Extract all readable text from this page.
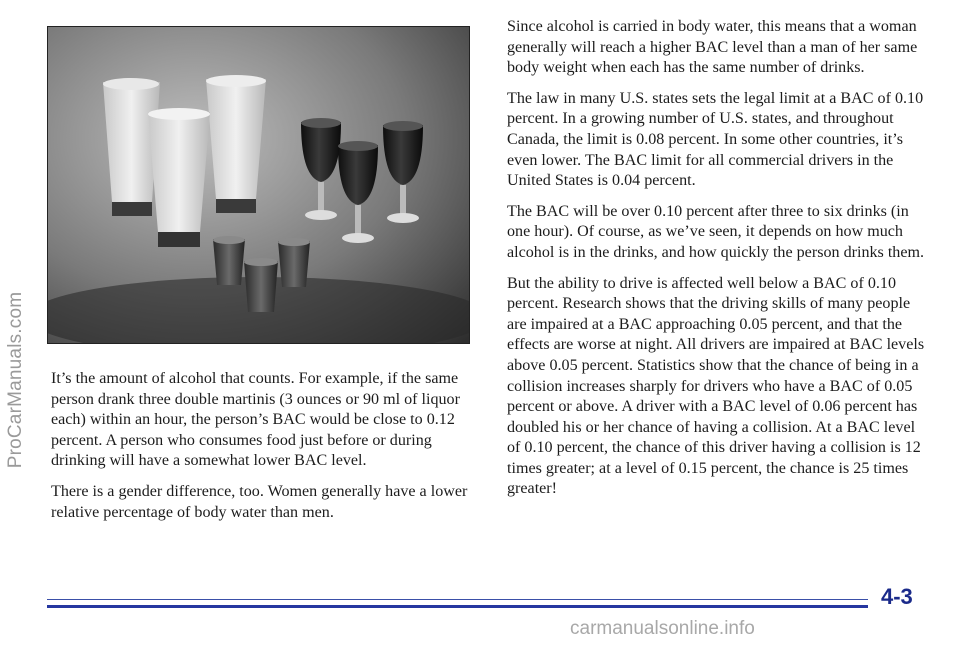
ProCarManuals.com It’s the amount of alcohol that counts. For example, if the same person drank three double martinis (3 ounces or 90 ml of liquor each) within an hour, the person’s BAC would be close to 0.12 percent. A person who consumes food just before or during drinking will have a somewhat lower BAC level.

There is a gender difference, too. Women generally have a lower relative percentage of body water than men.

Since alcohol is carried in body water, this means that a woman generally will reach a higher BAC level than a man of her same body weight when each has the same number of drinks.

The law in many U.S. states sets the legal limit at a BAC of 0.10 percent. In a growing number of U.S. states, and throughout Canada, the limit is 0.08 percent. In some other countries, it’s even lower. The BAC limit for all commercial drivers in the United States is 0.04 percent.

The BAC will be over 0.10 percent after three to six drinks (in one hour). Of course, as we’ve seen, it depends on how much alcohol is in the drinks, and how quickly the person drinks them.

But the ability to drive is affected well below a BAC of 0.10 percent. Research shows that the driving skills of many people are impaired at a BAC approaching 0.05 percent, and that the effects are worse at night. All drivers are impaired at BAC levels above 0.05 percent. Statistics show that the chance of being in a collision increases sharply for drivers who have a BAC of 0.05 percent or above. A driver with a BAC level of 0.06 percent has doubled his or her chance of having a collision. At a BAC level of 0.10 percent, the chance of this driver having a collision is 12 times greater; at a level of 0.15 percent, the chance is 25 times greater!

4-3
carmanualsonline.info
